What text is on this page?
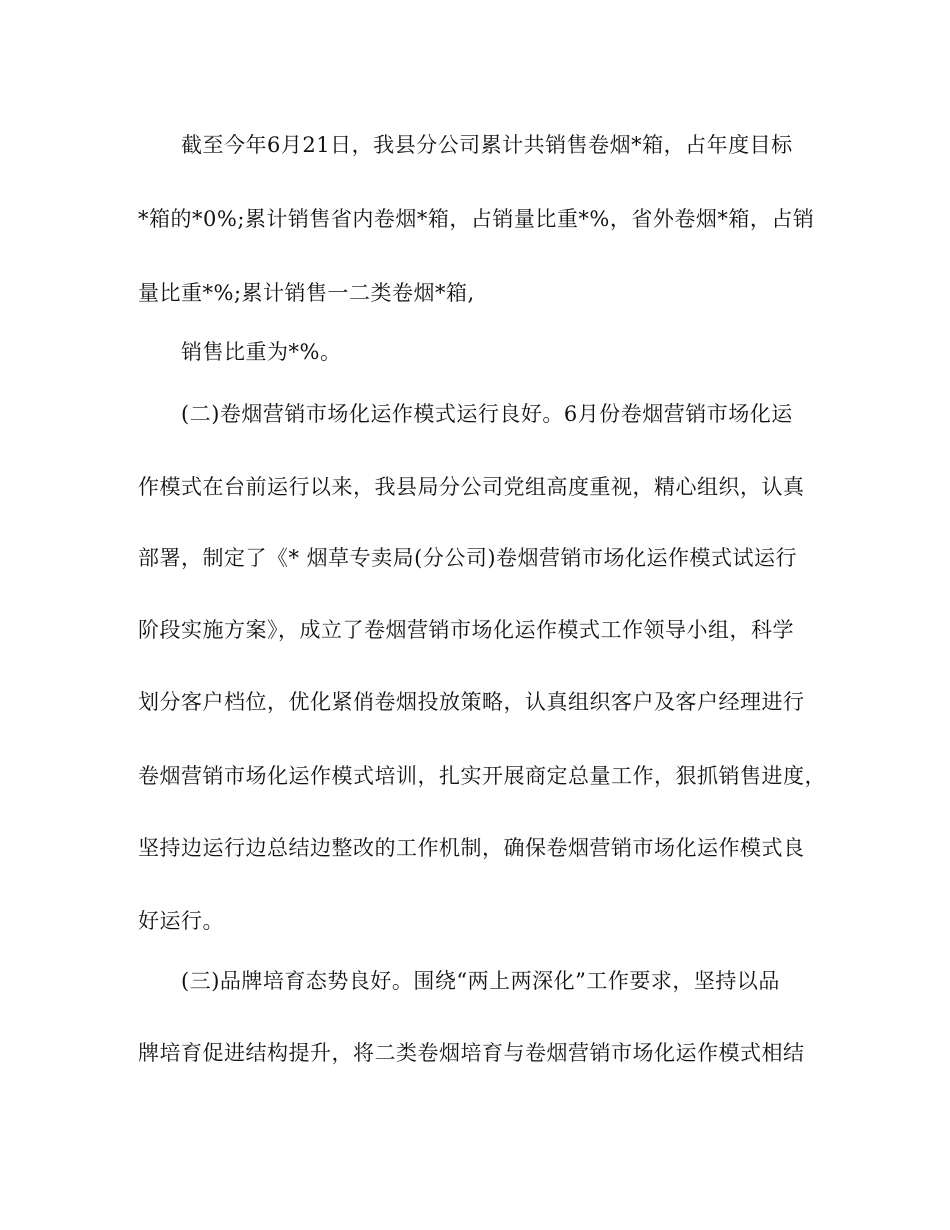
截至今年6月21日，我县分公司累计共销售卷烟*箱，占年度目标
*箱的*0%;累计销售省内卷烟*箱，占销量比重*%，省外卷烟*箱，占销
量比重*%;累计销售一二类卷烟*箱,
销售比重为*%。
(二)卷烟营销市场化运作模式运行良好。6月份卷烟营销市场化运
作模式在台前运行以来，我县局分公司党组高度重视，精心组织，认真
部署，制定了《* 烟草专卖局(分公司)卷烟营销市场化运作模式试运行
阶段实施方案》，成立了卷烟营销市场化运作模式工作领导小组，科学
划分客户档位，优化紧俏卷烟投放策略，认真组织客户及客户经理进行
卷烟营销市场化运作模式培训，扎实开展商定总量工作，狠抓销售进度，
坚持边运行边总结边整改的工作机制，确保卷烟营销市场化运作模式良
好运行。
(三)品牌培育态势良好。围绕“两上两深化”工作要求，坚持以品
牌培育促进结构提升，将二类卷烟培育与卷烟营销市场化运作模式相结
